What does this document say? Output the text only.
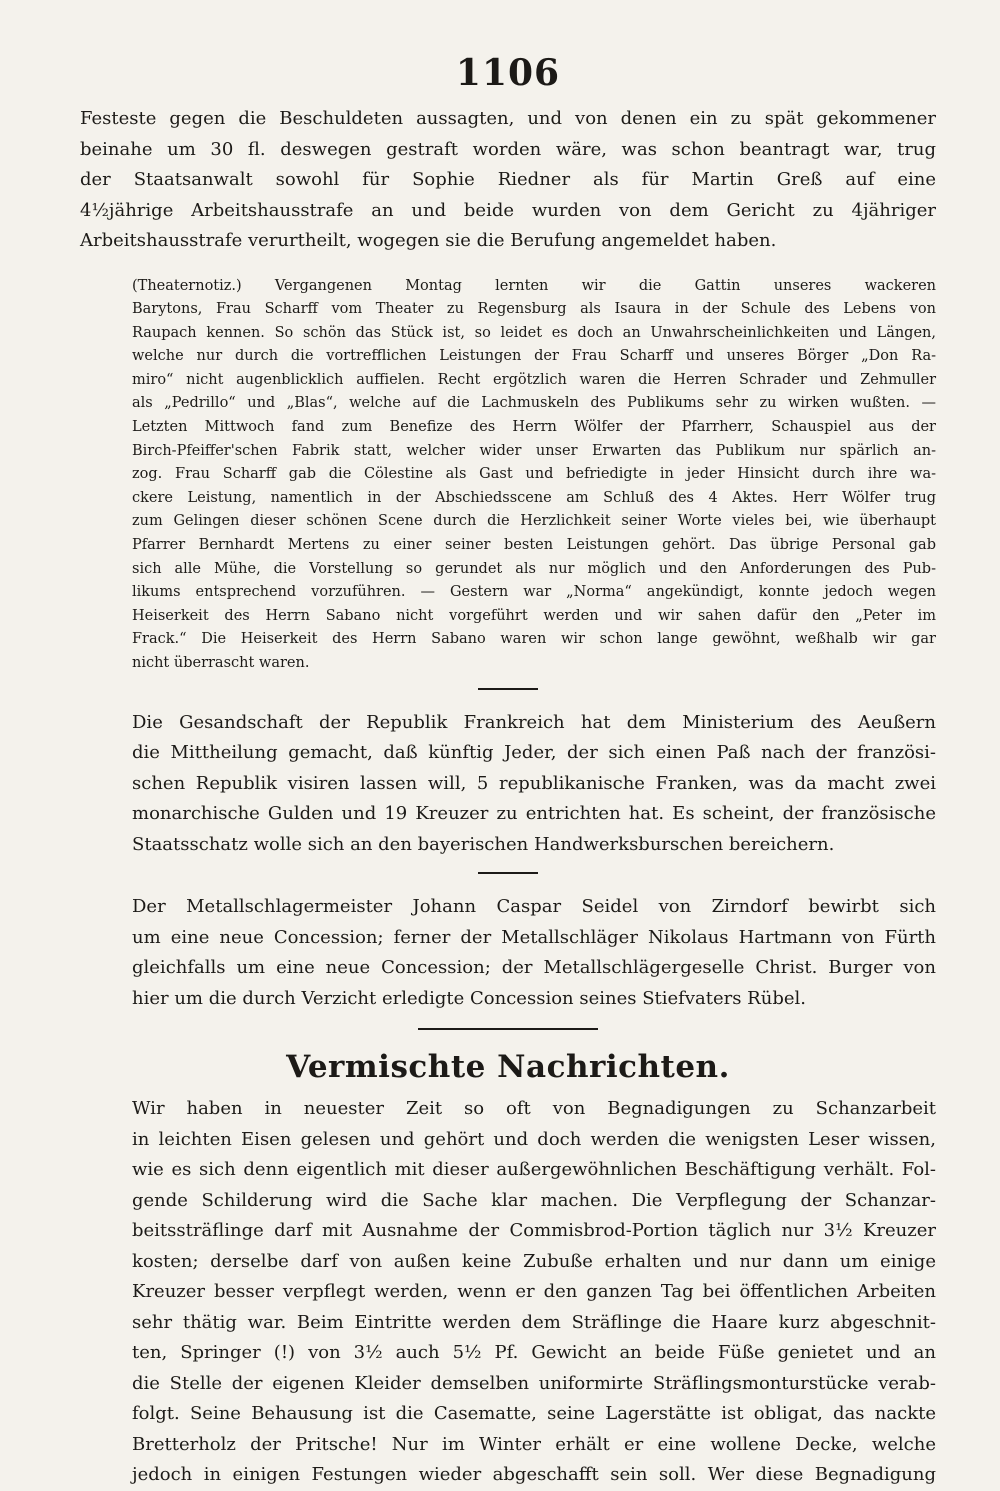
1106
Festeste gegen die Beschuldeten aussagten, und von denen ein zu spät gekommener
beinahe um 30 fl. deswegen gestraft worden wäre, was schon beantragt war, trug
der Staatsanwalt sowohl für Sophie Riedner als für Martin Greß auf eine
4½jährige Arbeitshausstrafe an und beide wurden von dem Gericht zu 4jähriger
Arbeitshausstrafe verurtheilt, wogegen sie die Berufung angemeldet haben.
(Theaternotiz.) Vergangenen Montag lernten wir die Gattin unseres wackeren
Barytons, Frau Scharff vom Theater zu Regensburg als Isaura in der Schule des Lebens von
Raupach kennen. So schön das Stück ist, so leidet es doch an Unwahrscheinlichkeiten und Längen,
welche nur durch die vortrefflichen Leistungen der Frau Scharff und unseres Börger „Don Ra-
miro“ nicht augenblicklich auffielen. Recht ergötzlich waren die Herren Schrader und Zehmuller
als „Pedrillo“ und „Blas“, welche auf die Lachmuskeln des Publikums sehr zu wirken wußten. —
Letzten Mittwoch fand zum Benefize des Herrn Wölfer der Pfarrherr, Schauspiel aus der
Birch-Pfeiffer'schen Fabrik statt, welcher wider unser Erwarten das Publikum nur spärlich an-
zog. Frau Scharff gab die Cölestine als Gast und befriedigte in jeder Hinsicht durch ihre wa-
ckere Leistung, namentlich in der Abschiedsscene am Schluß des 4 Aktes. Herr Wölfer trug
zum Gelingen dieser schönen Scene durch die Herzlichkeit seiner Worte vieles bei, wie überhaupt
Pfarrer Bernhardt Mertens zu einer seiner besten Leistungen gehört. Das übrige Personal gab
sich alle Mühe, die Vorstellung so gerundet als nur möglich und den Anforderungen des Pub-
likums entsprechend vorzuführen. — Gestern war „Norma“ angekündigt, konnte jedoch wegen
Heiserkeit des Herrn Sabano nicht vorgeführt werden und wir sahen dafür den „Peter im
Frack.“ Die Heiserkeit des Herrn Sabano waren wir schon lange gewöhnt, weßhalb wir gar
nicht überrascht waren.
Die Gesandschaft der Republik Frankreich hat dem Ministerium des Aeußern
die Mittheilung gemacht, daß künftig Jeder, der sich einen Paß nach der französi-
schen Republik visiren lassen will, 5 republikanische Franken, was da macht zwei
monarchische Gulden und 19 Kreuzer zu entrichten hat. Es scheint, der französische
Staatsschatz wolle sich an den bayerischen Handwerksburschen bereichern.
Der Metallschlagermeister Johann Caspar Seidel von Zirndorf bewirbt sich
um eine neue Concession; ferner der Metallschläger Nikolaus Hartmann von Fürth
gleichfalls um eine neue Concession; der Metallschlägergeselle Christ. Burger von
hier um die durch Verzicht erledigte Concession seines Stiefvaters Rübel.
Vermischte Nachrichten.
Wir haben in neuester Zeit so oft von Begnadigungen zu Schanzarbeit
in leichten Eisen gelesen und gehört und doch werden die wenigsten Leser wissen,
wie es sich denn eigentlich mit dieser außergewöhnlichen Beschäftigung verhält. Fol-
gende Schilderung wird die Sache klar machen. Die Verpflegung der Schanzar-
beitssträflinge darf mit Ausnahme der Commisbrod-Portion täglich nur 3½ Kreuzer
kosten; derselbe darf von außen keine Zubuße erhalten und nur dann um einige
Kreuzer besser verpflegt werden, wenn er den ganzen Tag bei öffentlichen Arbeiten
sehr thätig war. Beim Eintritte werden dem Sträflinge die Haare kurz abgeschnit-
ten, Springer (!) von 3½ auch 5½ Pf. Gewicht an beide Füße genietet und an
die Stelle der eigenen Kleider demselben uniformirte Sträflingsmonturstücke verab-
folgt. Seine Behausung ist die Casematte, seine Lagerstätte ist obligat, das nackte
Bretterholz der Pritsche! Nur im Winter erhält er eine wollene Decke, welche
jedoch in einigen Festungen wieder abgeschafft sein soll. Wer diese Begnadigung
